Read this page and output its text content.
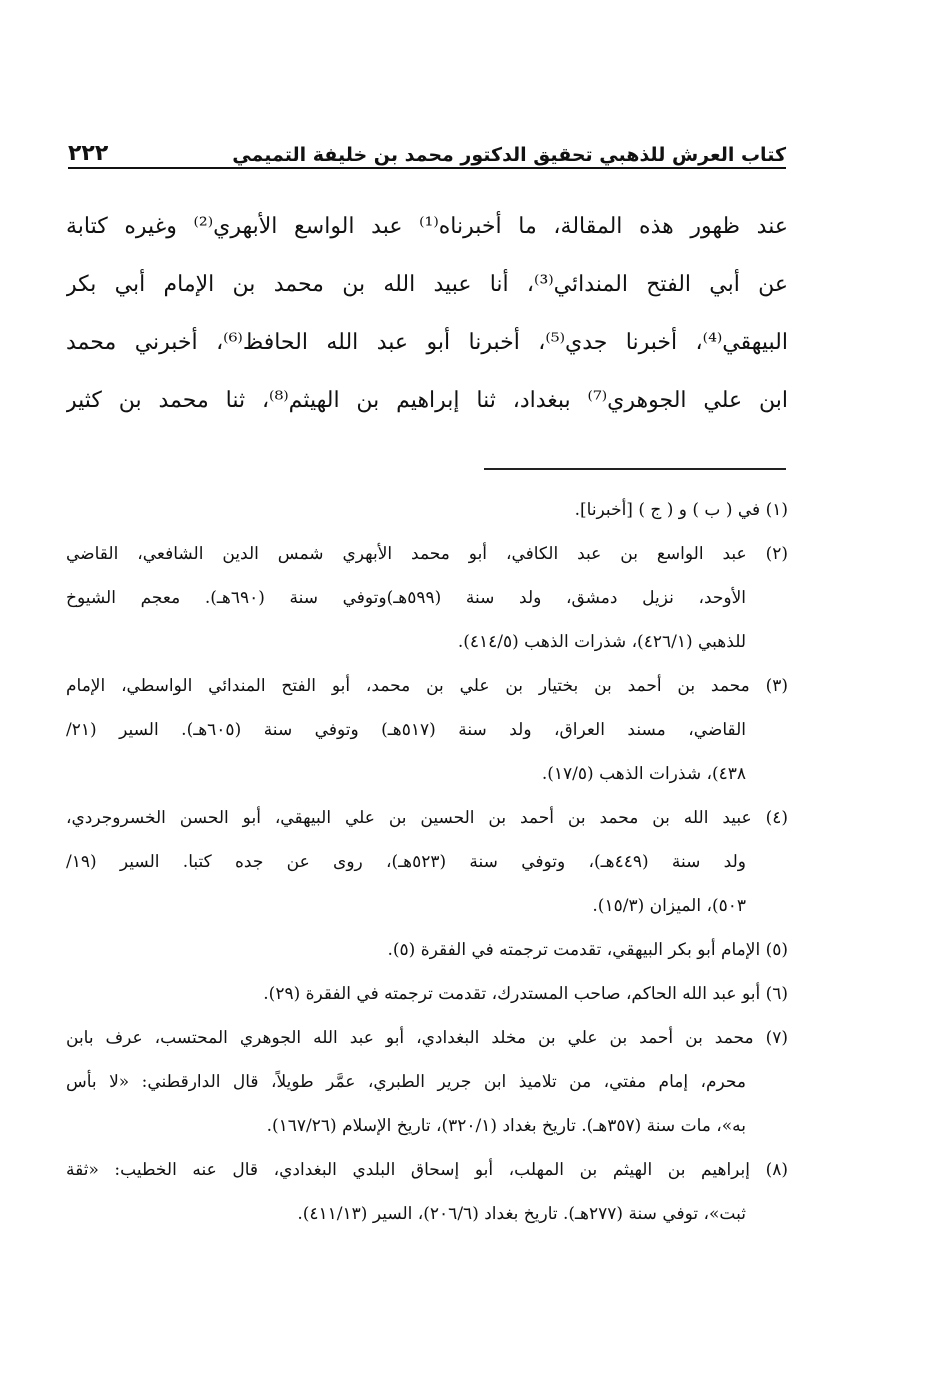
كتاب العرش للذهبي تحقيق الدكتور محمد بن خليفة التميمي
٢٢٢
عند ظهور هذه المقالة، ما أخبرناه⁽¹⁾ عبد الواسع الأبهري⁽²⁾ وغيره كتابة
عن أبي الفتح المندائي⁽³⁾، أنا عبيد الله بن محمد بن الإمام أبي بكر
البيهقي⁽⁴⁾، أخبرنا جدي⁽⁵⁾، أخبرنا أبو عبد الله الحافظ⁽⁶⁾، أخبرني محمد
ابن علي الجوهري⁽⁷⁾ ببغداد، ثنا إبراهيم بن الهيثم⁽⁸⁾، ثنا محمد بن كثير
(١) في ( ب ) و ( ج ) [أخبرنا].
(٢) عبد الواسع بن عبد الكافي، أبو محمد الأبهري شمس الدين الشافعي، القاضي
الأوحد، نزيل دمشق، ولد سنة (٥٩٩هـ)وتوفي سنة (٦٩٠هـ). معجم الشيوخ
للذهبي (٤٢٦/١)، شذرات الذهب (٤١٤/٥).
(٣) محمد بن أحمد بن بختيار بن علي بن محمد، أبو الفتح المندائي الواسطي، الإمام
القاضي، مسند العراق، ولد سنة (٥١٧هـ) وتوفي سنة (٦٠٥هـ). السير (٢١/
٤٣٨)، شذرات الذهب (١٧/٥).
(٤) عبيد الله بن محمد بن أحمد بن الحسين بن علي البيهقي، أبو الحسن الخسروجردي،
ولد سنة (٤٤٩هـ)، وتوفي سنة (٥٢٣هـ)، روى عن جده كتبا. السير (١٩/
٥٠٣)، الميزان (١٥/٣).
(٥) الإمام أبو بكر البيهقي، تقدمت ترجمته في الفقرة (٥).
(٦) أبو عبد الله الحاكم، صاحب المستدرك، تقدمت ترجمته في الفقرة (٢٩).
(٧) محمد بن أحمد بن علي بن مخلد البغدادي، أبو عبد الله الجوهري المحتسب، عرف بابن
محرم، إمام مفتي، من تلاميذ ابن جرير الطبري، عمَّر طويلاً، قال الدارقطني: «لا بأس
به»، مات سنة (٣٥٧هـ). تاريخ بغداد (٣٢٠/١)، تاريخ الإسلام (١٦٧/٢٦).
(٨) إبراهيم بن الهيثم بن المهلب، أبو إسحاق البلدي البغدادي، قال عنه الخطيب: «ثقة
ثبت»، توفي سنة (٢٧٧هـ). تاريخ بغداد (٢٠٦/٦)، السير (٤١١/١٣).
